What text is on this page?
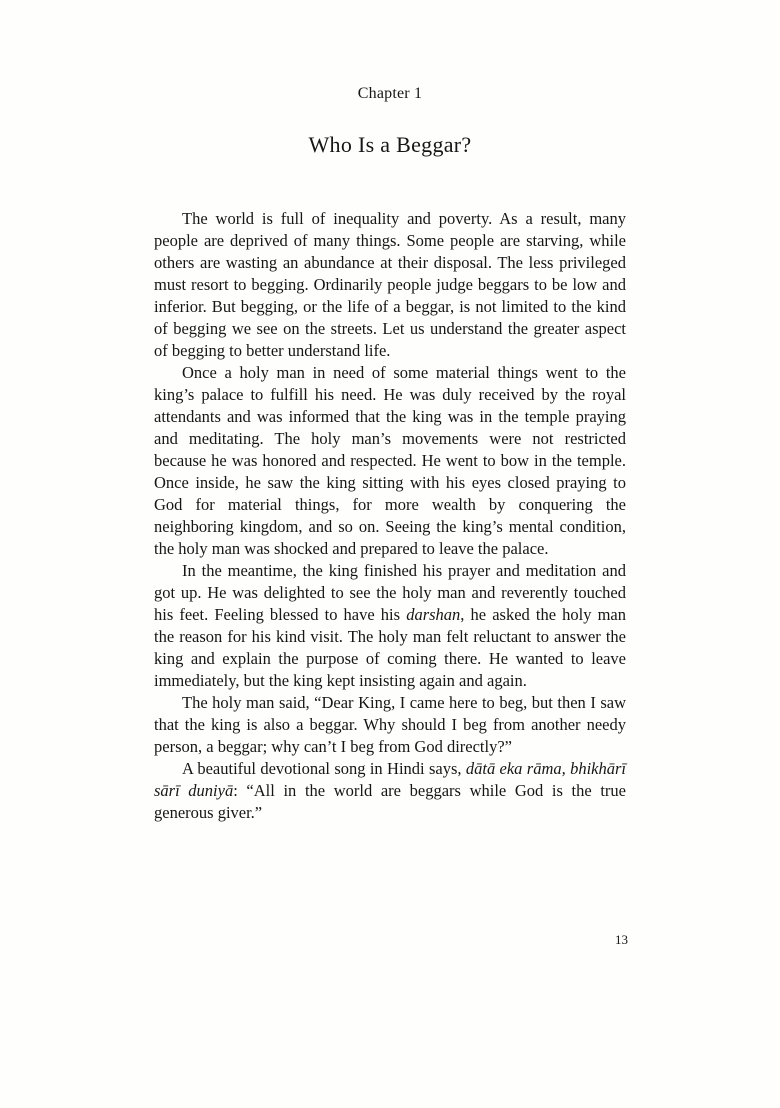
Chapter 1
Who Is a Beggar?

The world is full of inequality and poverty. As a result, many people are deprived of many things. Some people are starving, while others are wasting an abundance at their disposal. The less privileged must resort to begging. Ordinarily people judge beggars to be low and inferior. But begging, or the life of a beggar, is not limited to the kind of begging we see on the streets. Let us understand the greater aspect of begging to better understand life.

Once a holy man in need of some material things went to the king’s palace to fulfill his need. He was duly received by the royal attendants and was informed that the king was in the temple praying and meditating. The holy man’s movements were not restricted because he was honored and respected. He went to bow in the temple. Once inside, he saw the king sitting with his eyes closed praying to God for material things, for more wealth by conquering the neighboring kingdom, and so on. Seeing the king’s mental condition, the holy man was shocked and prepared to leave the palace.

In the meantime, the king finished his prayer and meditation and got up. He was delighted to see the holy man and reverently touched his feet. Feeling blessed to have his darshan, he asked the holy man the reason for his kind visit. The holy man felt reluctant to answer the king and explain the purpose of coming there. He wanted to leave immediately, but the king kept insisting again and again.

The holy man said, “Dear King, I came here to beg, but then I saw that the king is also a beggar. Why should I beg from another needy person, a beggar; why can’t I beg from God directly?”

A beautiful devotional song in Hindi says, dātā eka rāma, bhikhārī sārī duniyā: “All in the world are beggars while God is the true generous giver.”

13
